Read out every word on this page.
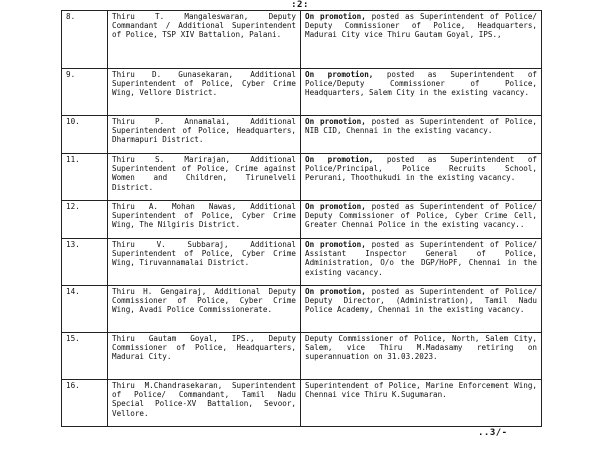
:2:
8.	Thiru T. Mangaleswaran, Deputy Commandant / Additional Superintendent of Police, TSP XIV Battalion, Palani.	On promotion, posted as Superintendent of Police/ Deputy Commissioner of Police, Headquarters, Madurai City vice Thiru Gautam Goyal, IPS.,
9.	Thiru D. Gunasekaran, Additional Superintendent of Police, Cyber Crime Wing, Vellore District.	On promotion, posted as Superintendent of Police/Deputy Commissioner of Police, Headquarters, Salem City in the existing vacancy.
10.	Thiru P. Annamalai, Additional Superintendent of Police, Headquarters, Dharmapuri District.	On promotion, posted as Superintendent of Police, NIB CID, Chennai in the existing vacancy.
11.	Thiru S. Marirajan, Additional Superintendent of Police, Crime against Women and Children, Tirunelveli District.	On promotion, posted as Superintendent of Police/Principal, Police Recruits School, Perurani, Thoothukudi in the existing vacancy.
12.	Thiru A. Mohan Nawas, Additional Superintendent of Police, Cyber Crime Wing, The Nilgiris District.	On promotion, posted as Superintendent of Police/ Deputy Commissioner of Police, Cyber Crime Cell, Greater Chennai Police in the existing vacancy..
13.	Thiru V. Subbaraj, Additional Superintendent of Police, Cyber Crime Wing, Tiruvannamalai District.	On promotion, posted as Superintendent of Police/ Assistant Inspector General of Police, Administration, O/o the DGP/HoPF, Chennai in the existing vacancy.
14.	Thiru H. Gengairaj, Additional Deputy Commissioner of Police, Cyber Crime Wing, Avadi Police Commissionerate.	On promotion, posted as Superintendent of Police/ Deputy Director, (Administration), Tamil Nadu Police Academy, Chennai in the existing vacancy.
15.	Thiru Gautam Goyal, IPS., Deputy Commissioner of Police, Headquarters, Madurai City.	Deputy Commissioner of Police, North, Salem City, Salem, vice Thiru M.Madasamy retiring on superannuation on 31.03.2023.
16.	Thiru M.Chandrasekaran, Superintendent of Police/ Commandant, Tamil Nadu Special Police-XV Battalion, Sevoor, Vellore.	Superintendent of Police, Marine Enforcement Wing, Chennai vice Thiru K.Sugumaran.
..3/-
